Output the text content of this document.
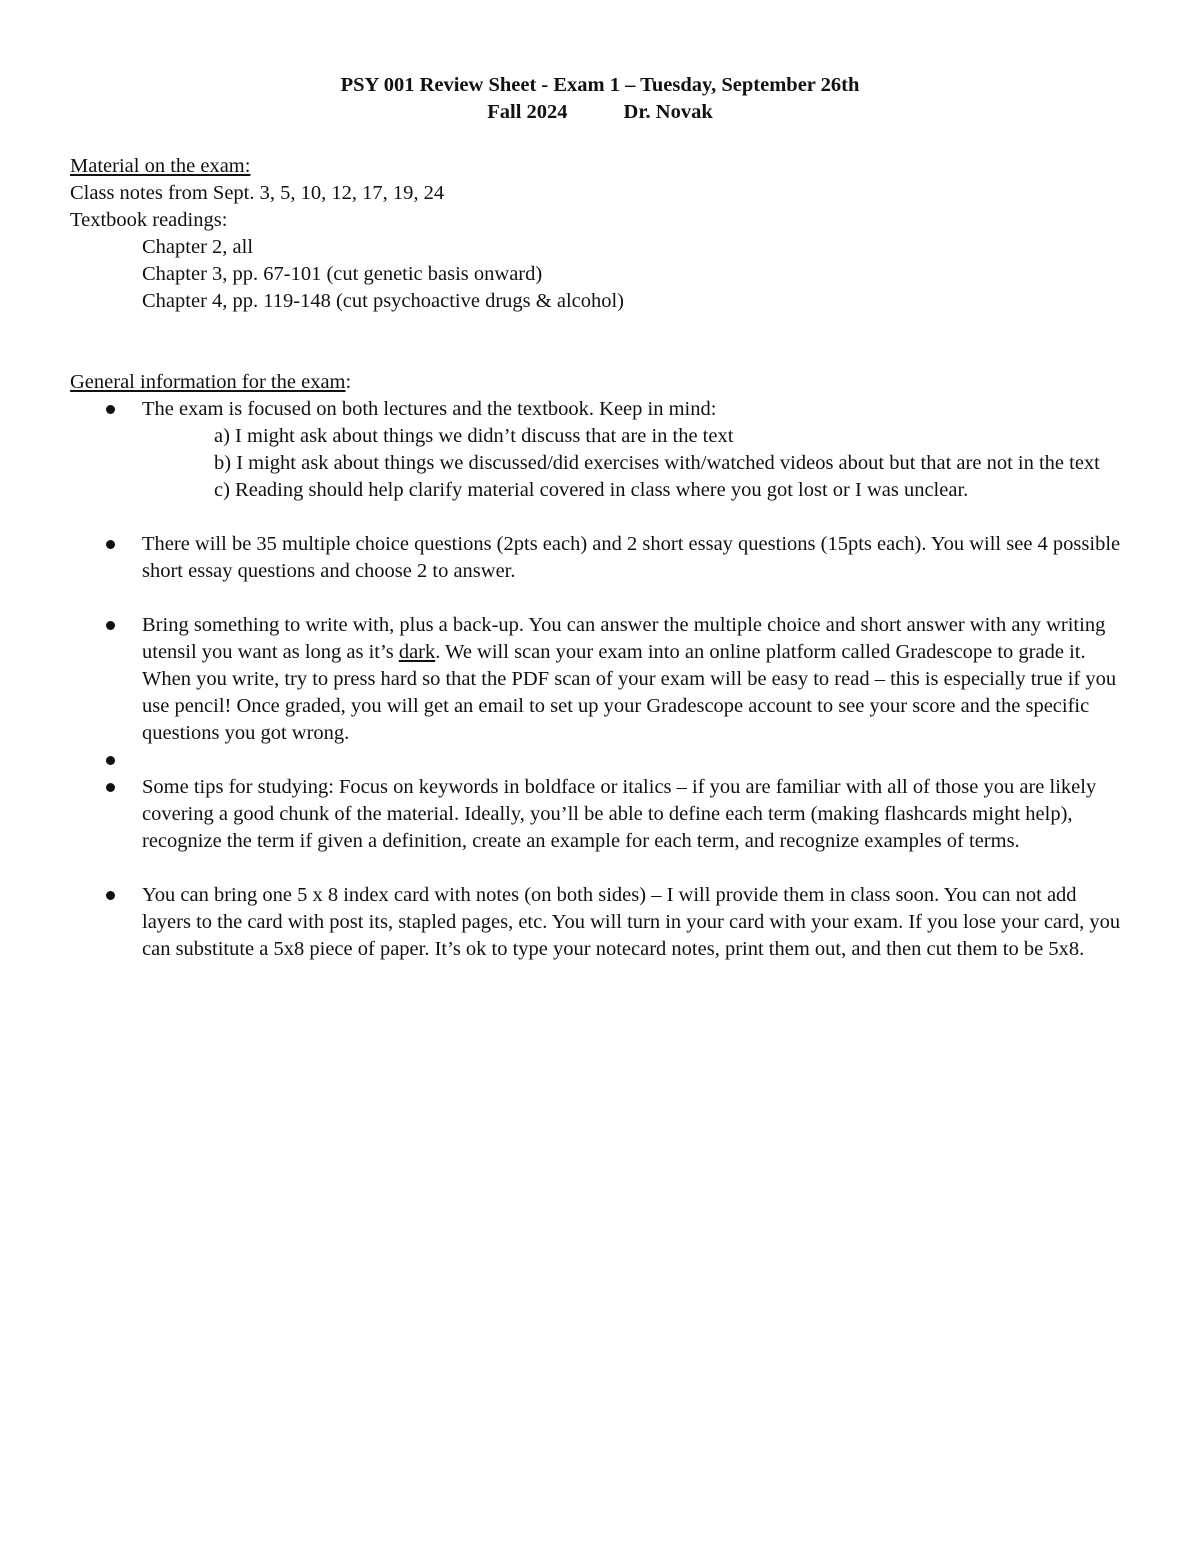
PSY 001 Review Sheet - Exam 1 – Tuesday, September 26th
Fall 2024	Dr. Novak
Material on the exam:
Class notes from Sept. 3, 5, 10, 12, 17, 19, 24
Textbook readings:
Chapter 2, all
Chapter 3, pp. 67-101 (cut genetic basis onward)
Chapter 4, pp. 119-148 (cut psychoactive drugs & alcohol)
General information for the exam:
The exam is focused on both lectures and the textbook. Keep in mind:
a) I might ask about things we didn’t discuss that are in the text
b) I might ask about things we discussed/did exercises with/watched videos about but that are not in the text
c) Reading should help clarify material covered in class where you got lost or I was unclear.
There will be 35 multiple choice questions (2pts each) and 2 short essay questions (15pts each). You will see 4 possible short essay questions and choose 2 to answer.
Bring something to write with, plus a back-up. You can answer the multiple choice and short answer with any writing utensil you want as long as it’s dark. We will scan your exam into an online platform called Gradescope to grade it. When you write, try to press hard so that the PDF scan of your exam will be easy to read – this is especially true if you use pencil! Once graded, you will get an email to set up your Gradescope account to see your score and the specific questions you got wrong.
Some tips for studying: Focus on keywords in boldface or italics – if you are familiar with all of those you are likely covering a good chunk of the material. Ideally, you’ll be able to define each term (making flashcards might help), recognize the term if given a definition, create an example for each term, and recognize examples of terms.
You can bring one 5 x 8 index card with notes (on both sides) – I will provide them in class soon. You can not add layers to the card with post its, stapled pages, etc. You will turn in your card with your exam. If you lose your card, you can substitute a 5x8 piece of paper. It’s ok to type your notecard notes, print them out, and then cut them to be 5x8.
